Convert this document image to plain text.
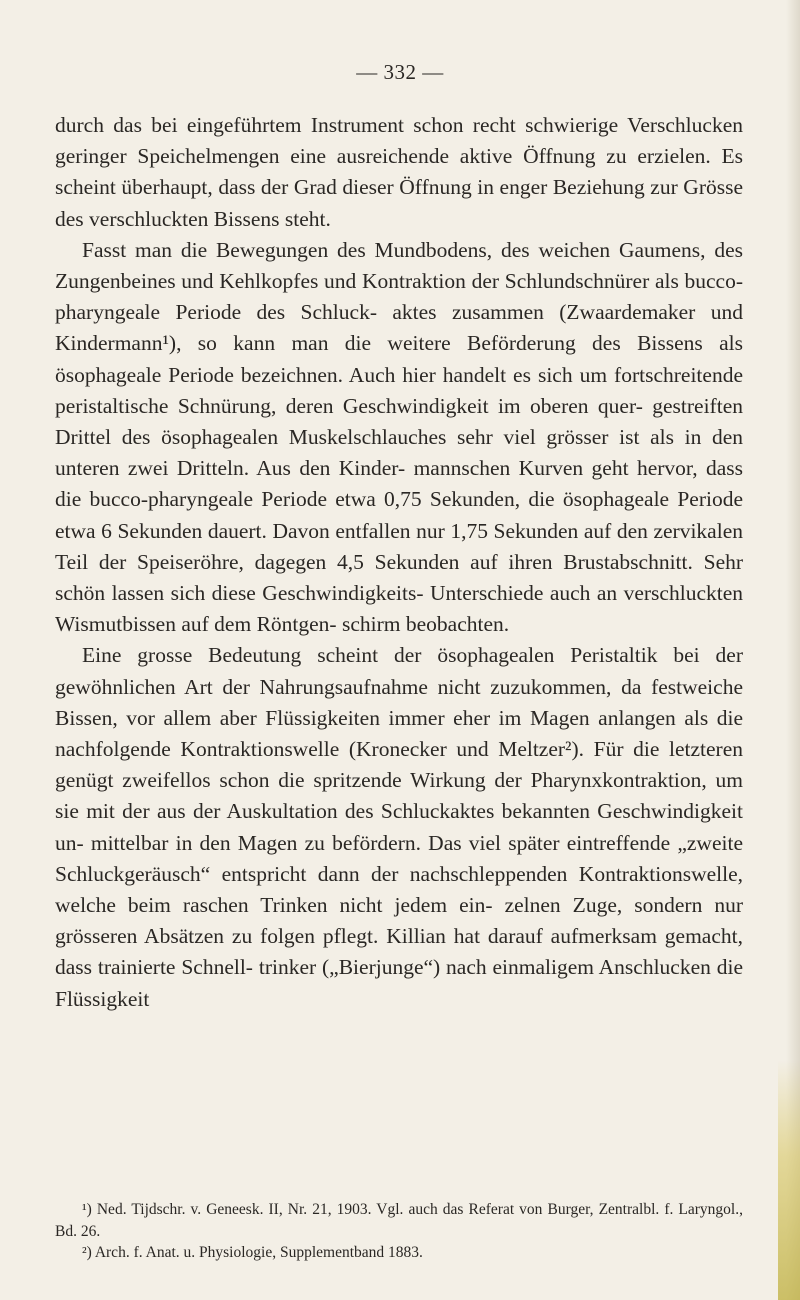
— 332 —

durch das bei eingeführtem Instrument schon recht schwierige Verschlucken geringer Speichelmengen eine ausreichende aktive Öffnung zu erzielen. Es scheint überhaupt, dass der Grad dieser Öffnung in enger Beziehung zur Grösse des verschluckten Bissens steht.

Fasst man die Bewegungen des Mundbodens, des weichen Gaumens, des Zungenbeines und Kehlkopfes und Kontraktion der Schlundschnürer als bucco-pharyngeale Periode des Schluck- aktes zusammen (Zwaardemaker und Kindermann¹), so kann man die weitere Beförderung des Bissens als ösophageale Periode bezeichnen. Auch hier handelt es sich um fortschreitende peristaltische Schnürung, deren Geschwindigkeit im oberen quer- gestreiften Drittel des ösophagealen Muskelschlauches sehr viel grösser ist als in den unteren zwei Dritteln. Aus den Kinder- mannschen Kurven geht hervor, dass die bucco-pharyngeale Periode etwa 0,75 Sekunden, die ösophageale Periode etwa 6 Sekunden dauert. Davon entfallen nur 1,75 Sekunden auf den zervikalen Teil der Speiseröhre, dagegen 4,5 Sekunden auf ihren Brustabschnitt. Sehr schön lassen sich diese Geschwindigkeits- Unterschiede auch an verschluckten Wismutbissen auf dem Röntgen- schirm beobachten.

Eine grosse Bedeutung scheint der ösophagealen Peristaltik bei der gewöhnlichen Art der Nahrungsaufnahme nicht zuzukommen, da festweiche Bissen, vor allem aber Flüssigkeiten immer eher im Magen anlangen als die nachfolgende Kontraktionswelle (Kronecker und Meltzer²). Für die letzteren genügt zweifellos schon die spritzende Wirkung der Pharynxkontraktion, um sie mit der aus der Auskultation des Schluckaktes bekannten Geschwindigkeit un- mittelbar in den Magen zu befördern. Das viel später eintreffende „zweite Schluckgeräusch“ entspricht dann der nachschleppenden Kontraktionswelle, welche beim raschen Trinken nicht jedem ein- zelnen Zuge, sondern nur grösseren Absätzen zu folgen pflegt. Killian hat darauf aufmerksam gemacht, dass trainierte Schnell- trinker („Bierjunge“) nach einmaligem Anschlucken die Flüssigkeit

¹) Ned. Tijdschr. v. Geneesk. II, Nr. 21, 1903. Vgl. auch das Referat von Burger, Zentralbl. f. Laryngol., Bd. 26.

²) Arch. f. Anat. u. Physiologie, Supplementband 1883.
